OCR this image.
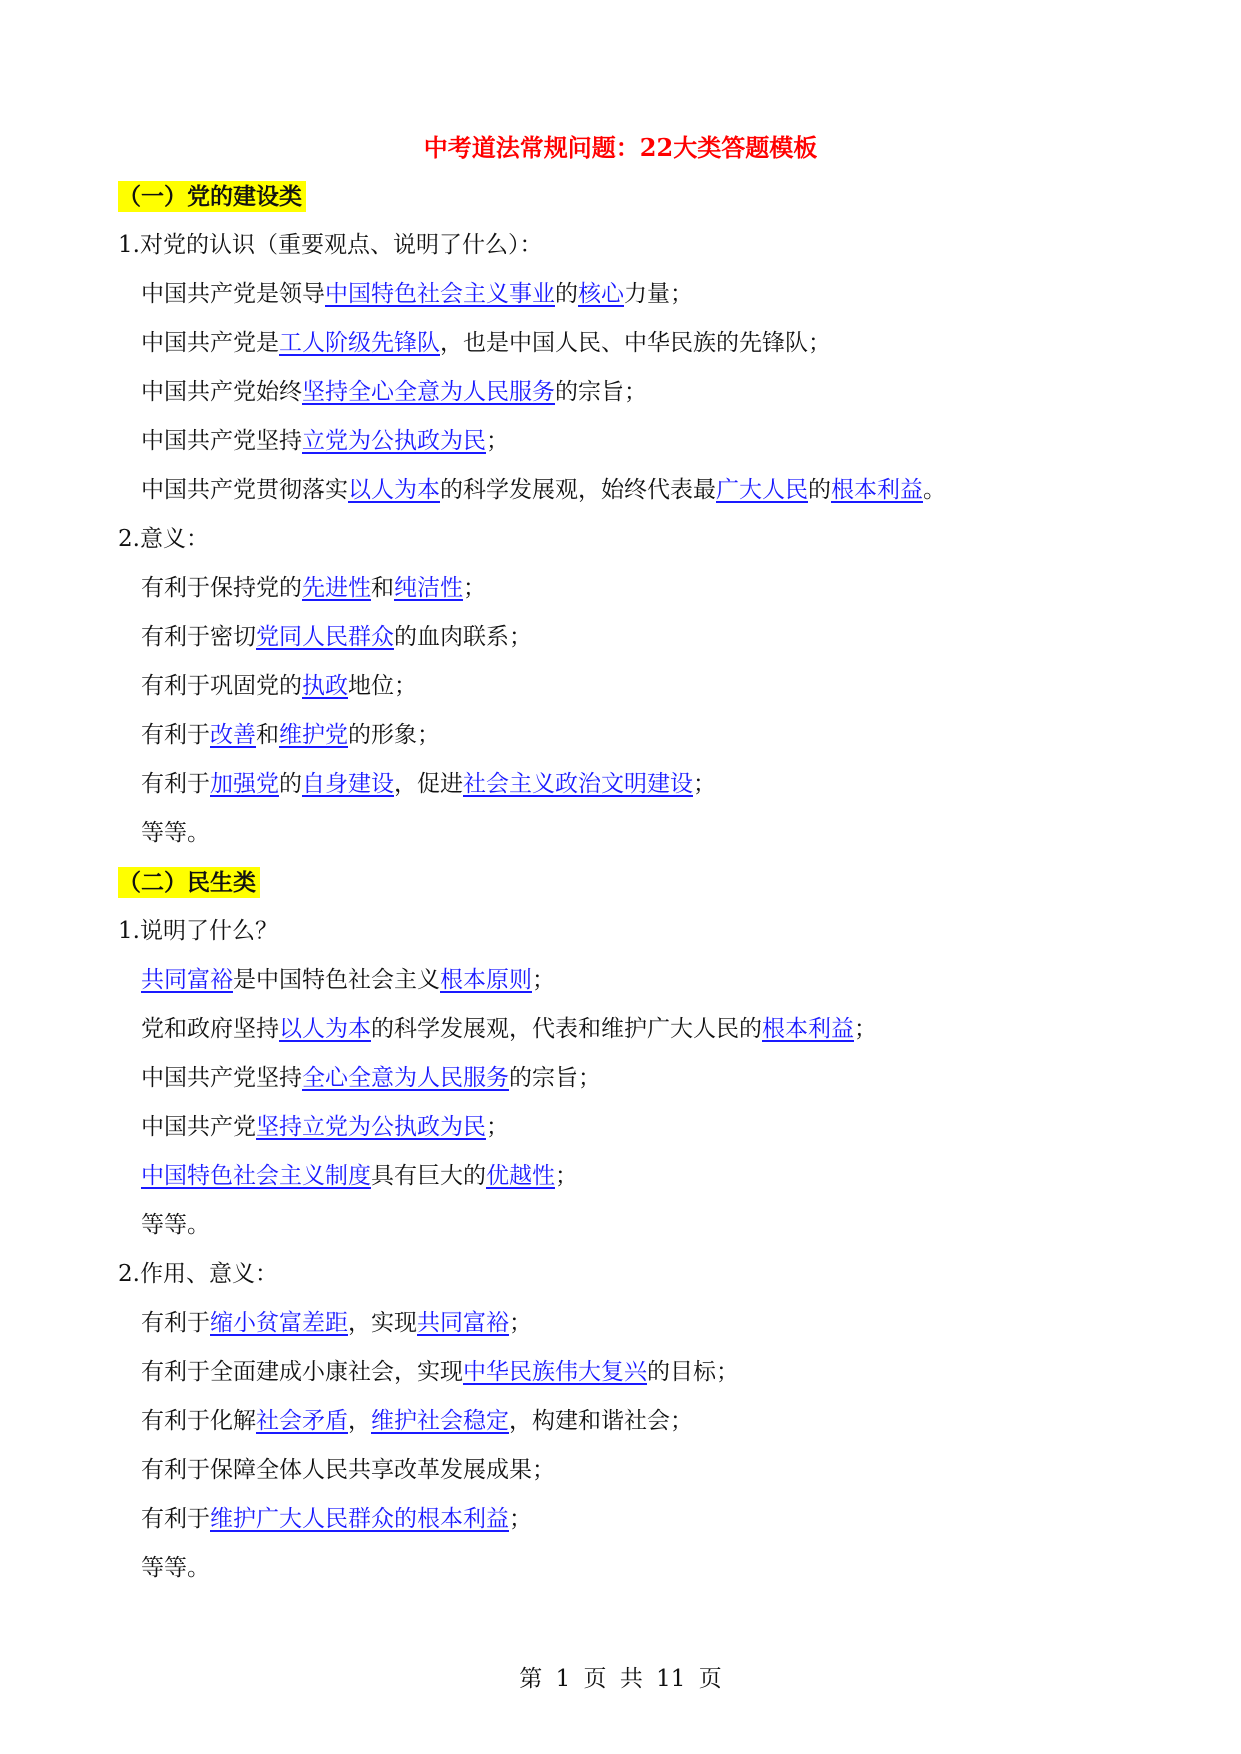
中考道法常规问题：22大类答题模板
（一）党的建设类
1.对党的认识（重要观点、说明了什么）：
中国共产党是领导中国特色社会主义事业的核心力量；
中国共产党是工人阶级先锋队，也是中国人民、中华民族的先锋队；
中国共产党始终坚持全心全意为人民服务的宗旨；
中国共产党坚持立党为公执政为民；
中国共产党贯彻落实以人为本的科学发展观，始终代表最广大人民的根本利益。
2.意义：
有利于保持党的先进性和纯洁性；
有利于密切党同人民群众的血肉联系；
有利于巩固党的执政地位；
有利于改善和维护党的形象；
有利于加强党的自身建设，促进社会主义政治文明建设；
等等。
（二）民生类
1.说明了什么？
共同富裕是中国特色社会主义根本原则；
党和政府坚持以人为本的科学发展观，代表和维护广大人民的根本利益；
中国共产党坚持全心全意为人民服务的宗旨；
中国共产党坚持立党为公执政为民；
中国特色社会主义制度具有巨大的优越性；
等等。
2.作用、意义：
有利于缩小贫富差距，实现共同富裕；
有利于全面建成小康社会，实现中华民族伟大复兴的目标；
有利于化解社会矛盾，维护社会稳定，构建和谐社会；
有利于保障全体人民共享改革发展成果；
有利于维护广大人民群众的根本利益；
等等。
第 1 页 共 11 页
